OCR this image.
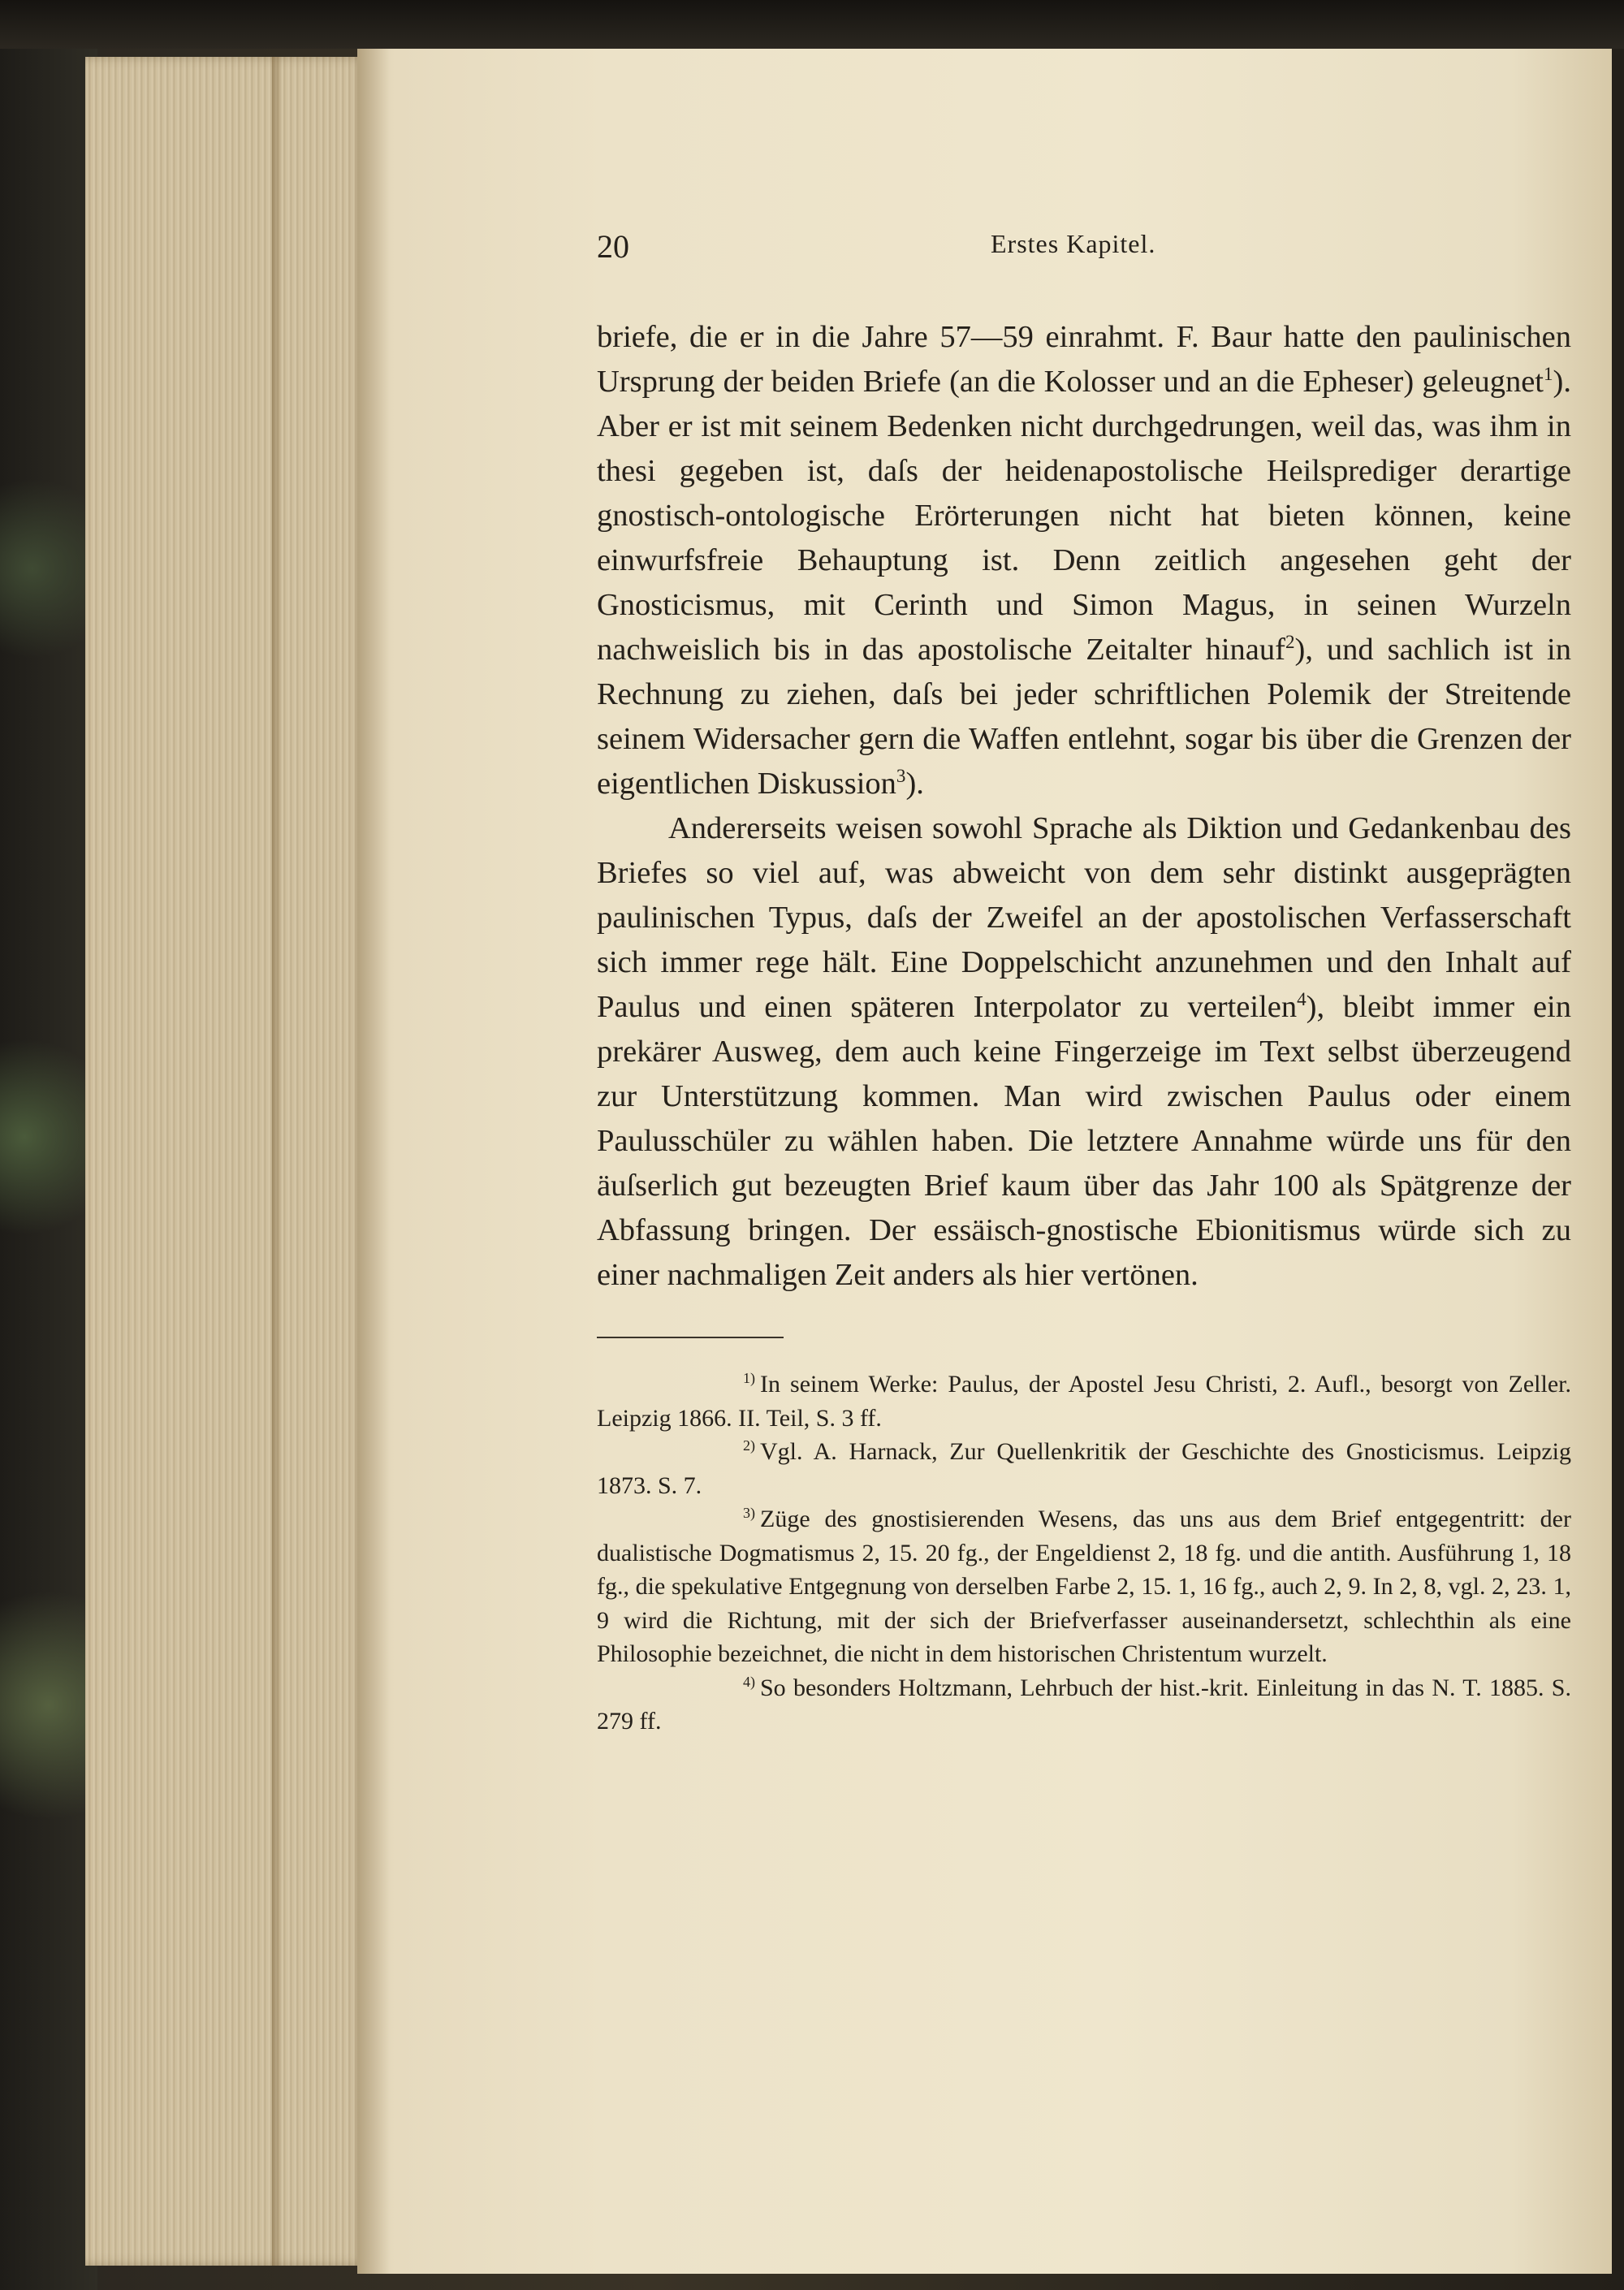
20	Erstes Kapitel.

briefe, die er in die Jahre 57—59 einrahmt. F. Baur hatte den paulinischen Ursprung der beiden Briefe (an die Kolosser und an die Epheser) geleugnet$^1$). Aber er ist mit seinem Bedenken nicht durchgedrungen, weil das, was ihm in thesi gegeben ist, daſs der heidenapostolische Heilsprediger derartige gnostisch-ontologische Erörterungen nicht hat bieten können, keine einwurfsfreie Behauptung ist. Denn zeitlich angesehen geht der Gnosticismus, mit Cerinth und Simon Magus, in seinen Wurzeln nachweislich bis in das apostolische Zeitalter hinauf$^2$), und sachlich ist in Rechnung zu ziehen, daſs bei jeder schriftlichen Polemik der Streitende seinem Widersacher gern die Waffen entlehnt, sogar bis über die Grenzen der eigentlichen Diskussion$^3$).

Andererseits weisen sowohl Sprache als Diktion und Gedankenbau des Briefes so viel auf, was abweicht von dem sehr distinkt ausgeprägten paulinischen Typus, daſs der Zweifel an der apostolischen Verfasserschaft sich immer rege hält. Eine Doppelschicht anzunehmen und den Inhalt auf Paulus und einen späteren Interpolator zu verteilen$^4$), bleibt immer ein prekärer Ausweg, dem auch keine Fingerzeige im Text selbst überzeugend zur Unterstützung kommen. Man wird zwischen Paulus oder einem Paulusschüler zu wählen haben. Die letztere Annahme würde uns für den äuſserlich gut bezeugten Brief kaum über das Jahr 100 als Spätgrenze der Abfassung bringen. Der essäisch-gnostische Ebionitismus würde sich zu einer nachmaligen Zeit anders als hier vertönen.

$^{1)}$ In seinem Werke: Paulus, der Apostel Jesu Christi, 2. Aufl., besorgt von Zeller. Leipzig 1866. II. Teil, S. 3 ff.

$^{2)}$ Vgl. A. Harnack, Zur Quellenkritik der Geschichte des Gnosticismus. Leipzig 1873. S. 7.

$^{3)}$ Züge des gnostisierenden Wesens, das uns aus dem Brief entgegentritt: der dualistische Dogmatismus 2, 15. 20 fg., der Engeldienst 2, 18 fg. und die antith. Ausführung 1, 18 fg., die spekulative Entgegnung von derselben Farbe 2, 15. 1, 16 fg., auch 2, 9. In 2, 8, vgl. 2, 23. 1, 9 wird die Richtung, mit der sich der Briefverfasser auseinandersetzt, schlechthin als eine Philosophie bezeichnet, die nicht in dem historischen Christentum wurzelt.

$^{4)}$ So besonders Holtzmann, Lehrbuch der hist.-krit. Einleitung in das N. T. 1885. S. 279 ff.
